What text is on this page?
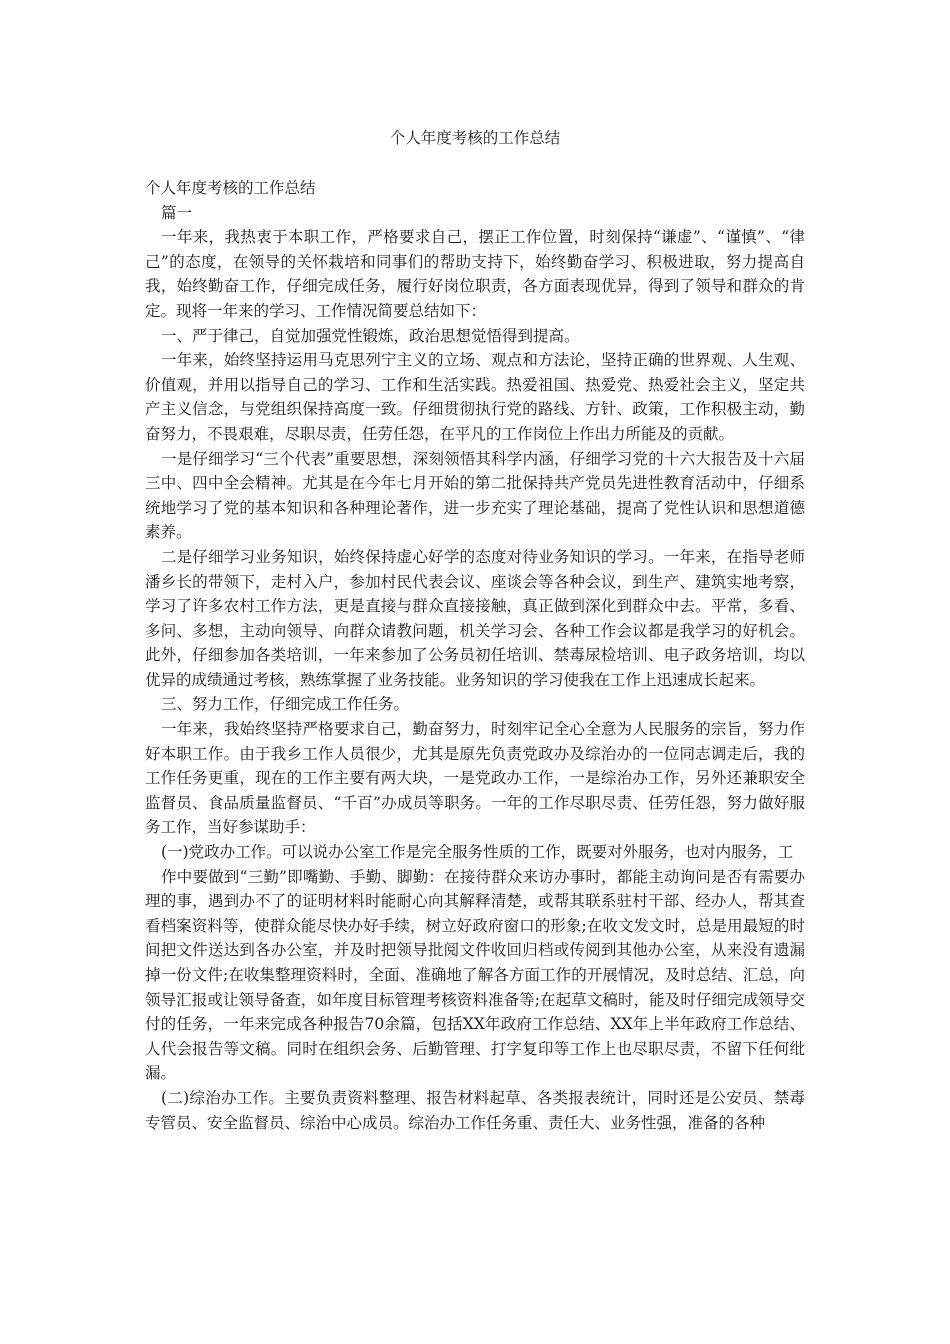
个人年度考核的工作总结

个人年度考核的工作总结

篇一

一年来，我热衷于本职工作，严格要求自己，摆正工作位置，时刻保持“谦虚”、“谨慎”、“律己”的态度，在领导的关怀栽培和同事们的帮助支持下，始终勤奋学习、积极进取，努力提高自我，始终勤奋工作，仔细完成任务，履行好岗位职责，各方面表现优异，得到了领导和群众的肯定。现将一年来的学习、工作情况简要总结如下：

一、严于律己，自觉加强党性锻炼，政治思想觉悟得到提高。

一年来，始终坚持运用马克思列宁主义的立场、观点和方法论，坚持正确的世界观、人生观、价值观，并用以指导自己的学习、工作和生活实践。热爱祖国、热爱党、热爱社会主义，坚定共产主义信念，与党组织保持高度一致。仔细贯彻执行党的路线、方针、政策，工作积极主动，勤奋努力，不畏艰难，尽职尽责，任劳任怨，在平凡的工作岗位上作出力所能及的贡献。

一是仔细学习“三个代表”重要思想，深刻领悟其科学内涵，仔细学习党的十六大报告及十六届三中、四中全会精神。尤其是在今年七月开始的第二批保持共产党员先进性教育活动中，仔细系统地学习了党的基本知识和各种理论著作，进一步充实了理论基础，提高了党性认识和思想道德素养。

二是仔细学习业务知识，始终保持虚心好学的态度对待业务知识的学习。一年来，在指导老师潘乡长的带领下，走村入户，参加村民代表会议、座谈会等各种会议，到生产、建筑实地考察，学习了许多农村工作方法，更是直接与群众直接接触，真正做到深化到群众中去。平常，多看、多问、多想，主动向领导、向群众请教问题，机关学习会、各种工作会议都是我学习的好机会。此外，仔细参加各类培训，一年来参加了公务员初任培训、禁毒尿检培训、电子政务培训，均以优异的成绩通过考核，熟练掌握了业务技能。业务知识的学习使我在工作上迅速成长起来。

三、努力工作，仔细完成工作任务。

一年来，我始终坚持严格要求自己，勤奋努力，时刻牢记全心全意为人民服务的宗旨，努力作好本职工作。由于我乡工作人员很少，尤其是原先负责党政办及综治办的一位同志调走后，我的工作任务更重，现在的工作主要有两大块，一是党政办工作，一是综治办工作，另外还兼职安全监督员、食品质量监督员、“千百”办成员等职务。一年的工作尽职尽责、任劳任怨，努力做好服务工作，当好参谋助手：

(一)党政办工作。可以说办公室工作是完全服务性质的工作，既要对外服务，也对内服务，工

作中要做到“三勤”即嘴勤、手勤、脚勤：在接待群众来访办事时，都能主动询问是否有需要办理的事，遇到办不了的证明材料时能耐心向其解释清楚，或帮其联系驻村干部、经办人，帮其查看档案资料等，使群众能尽快办好手续，树立好政府窗口的形象;在收文发文时，总是用最短的时间把文件送达到各办公室，并及时把领导批阅文件收回归档或传阅到其他办公室，从来没有遗漏掉一份文件;在收集整理资料时，全面、准确地了解各方面工作的开展情况，及时总结、汇总，向领导汇报或让领导备查，如年度目标管理考核资料准备等;在起草文稿时，能及时仔细完成领导交付的任务，一年来完成各种报告70余篇，包括XX年政府工作总结、XX年上半年政府工作总结、人代会报告等文稿。同时在组织会务、后勤管理、打字复印等工作上也尽职尽责，不留下任何纰漏。

(二)综治办工作。主要负责资料整理、报告材料起草、各类报表统计，同时还是公安员、禁毒专管员、安全监督员、综治中心成员。综治办工作任务重、责任大、业务性强，准备的各种
